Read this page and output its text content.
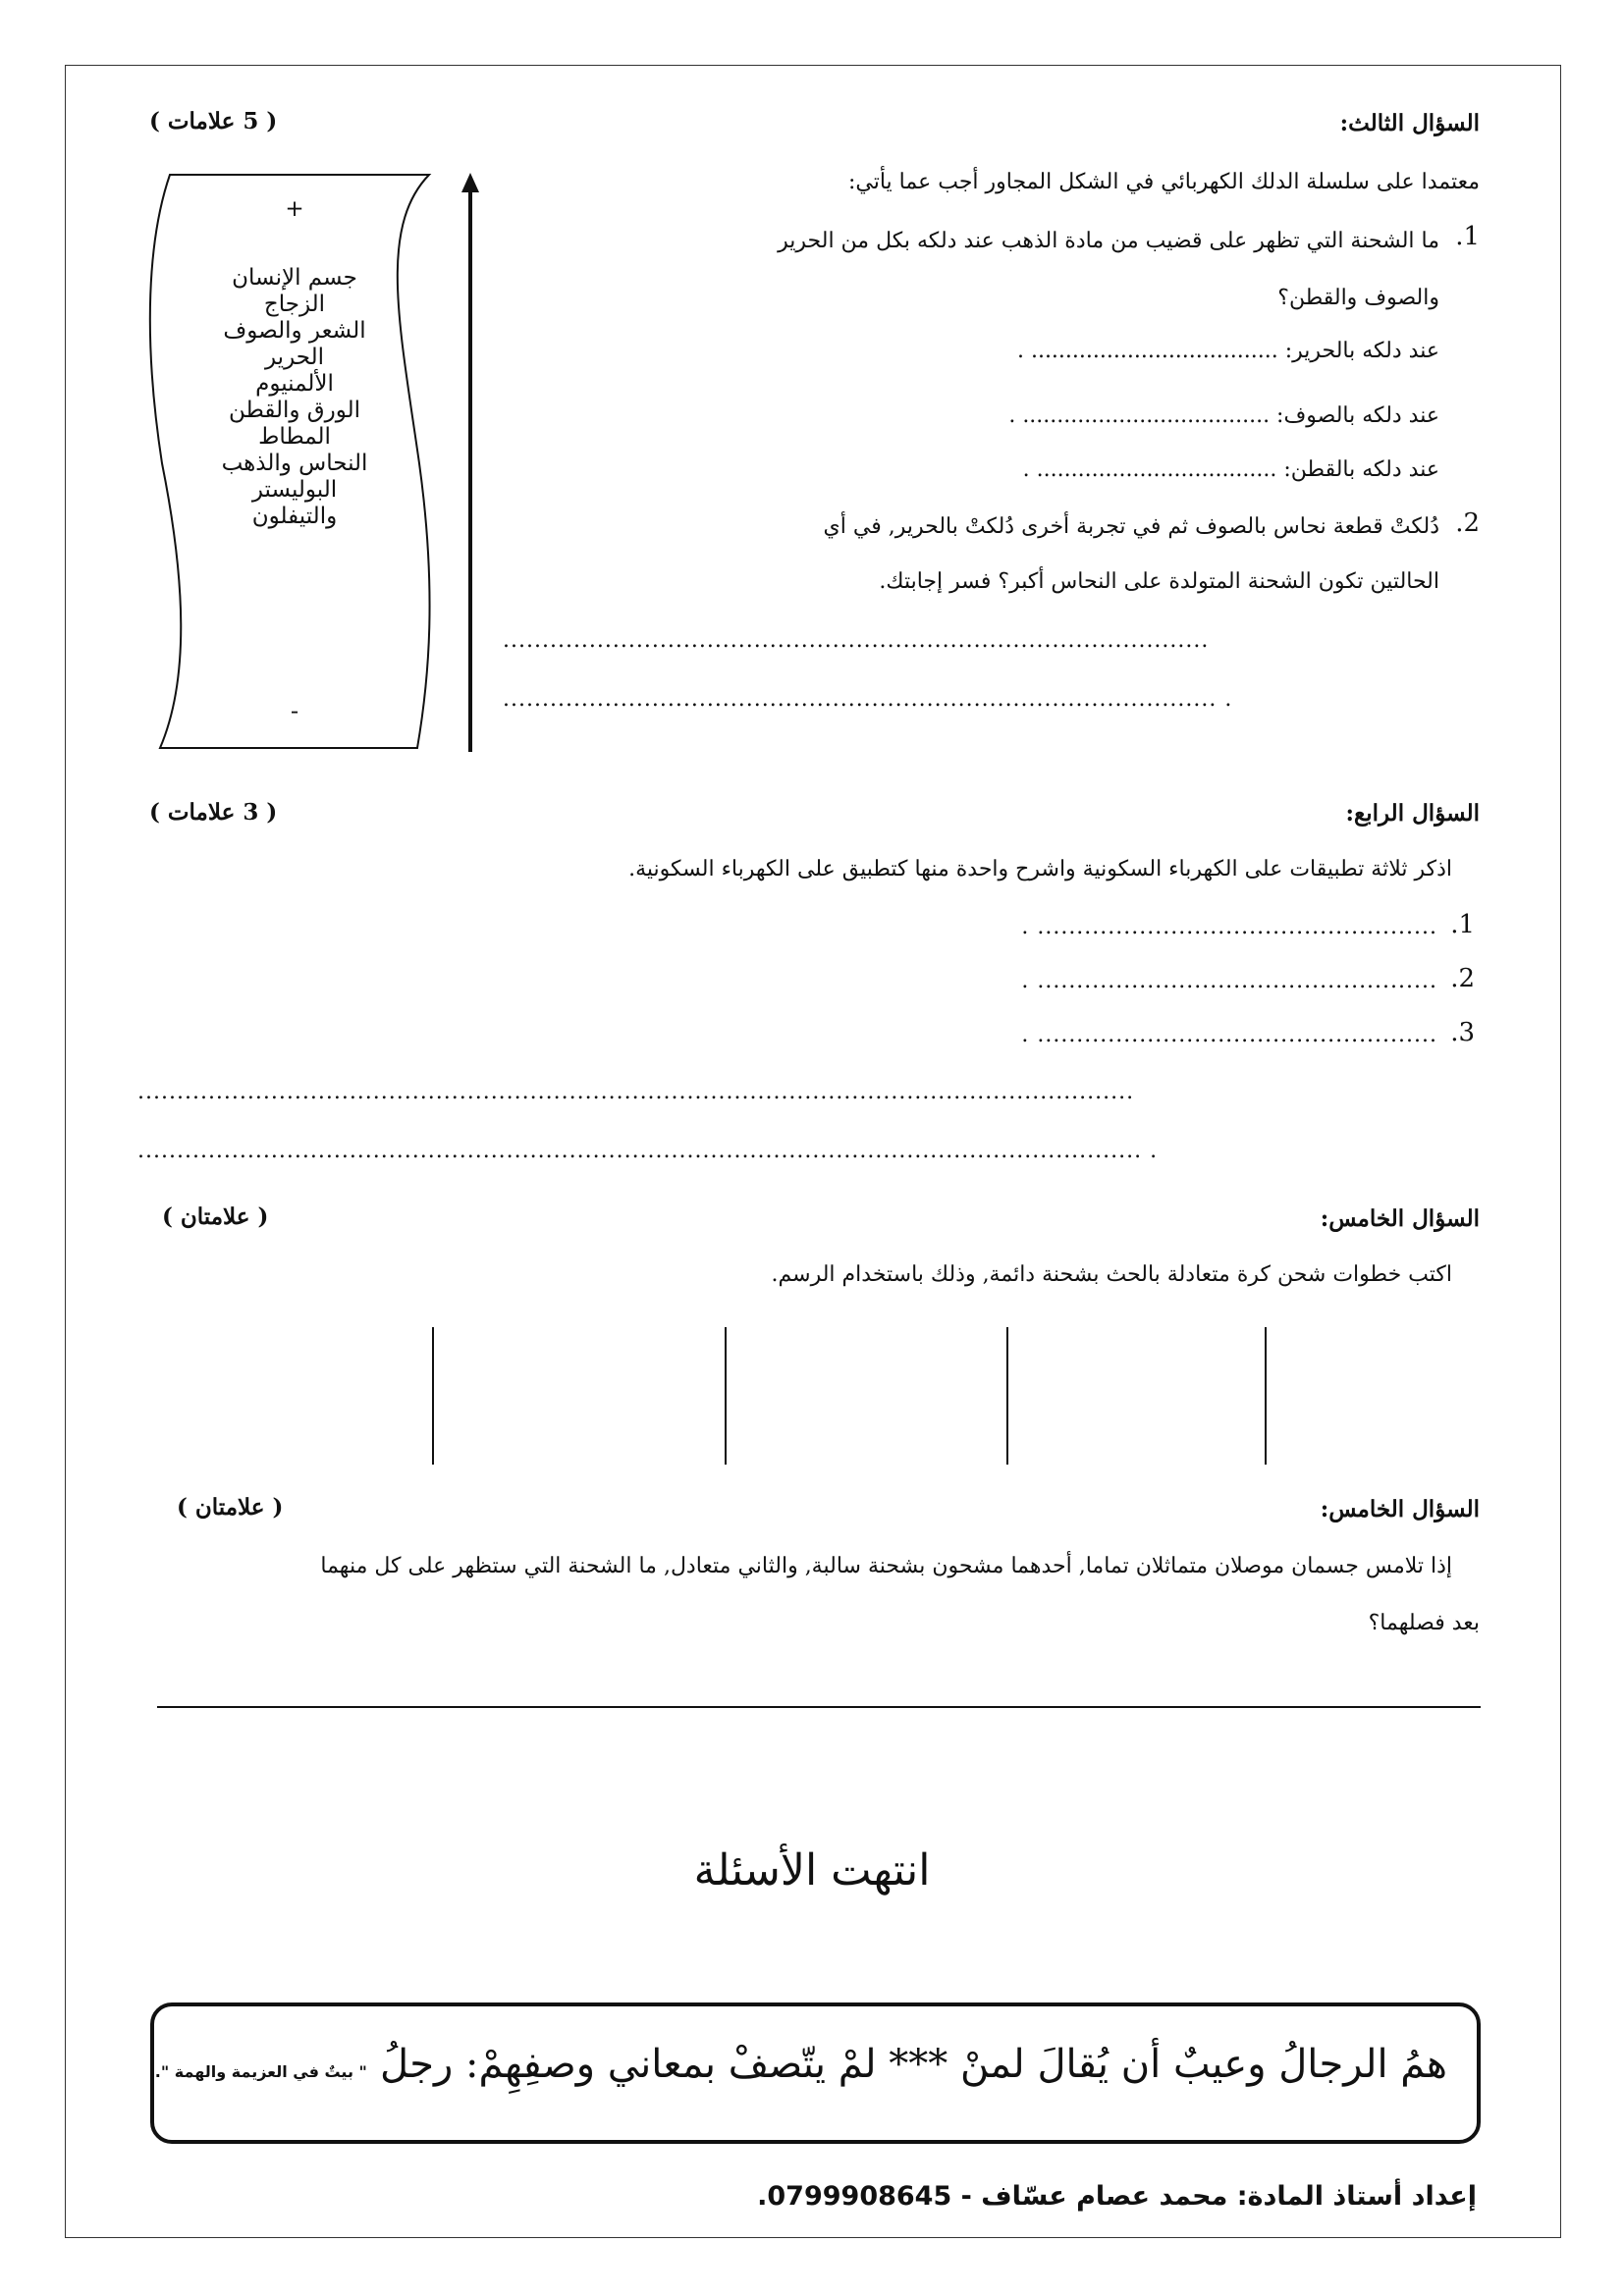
السؤال الثالث:
( 5 علامات )
معتمدا على سلسلة الدلك الكهربائي في الشكل المجاور أجب عما يأتي:
1.
ما الشحنة التي تظهر على قضيب من مادة الذهب عند دلكه بكل من الحرير
والصوف والقطن؟
عند دلكه بالحرير: .................................... .
عند دلكه بالصوف: .................................... .
عند دلكه بالقطن: ................................... .
2.
دُلكتْ قطعة نحاس بالصوف ثم في تجربة أخرى دُلكتْ بالحرير, في أي
الحالتين تكون الشحنة المتولدة على النحاس أكبر؟ فسر إجابتك.
..........................................................................................
........................................................................................... .
+
جسم الإنسان
الزجاج
الشعر والصوف
الحرير
الألمنيوم
الورق والقطن
المطاط
النحاس والذهب
البوليستر
والتيفلون
-
السؤال الرابع:
( 3 علامات )
اذكر ثلاثة تطبيقات على الكهرباء السكونية واشرح واحدة منها كتطبيق على الكهرباء السكونية.
1.
................................................... .
2.
................................................... .
3.
................................................... .
...............................................................................................................................
................................................................................................................................ .
السؤال الخامس:
( علامتان )
اكتب خطوات شحن كرة متعادلة بالحث بشحنة دائمة, وذلك باستخدام الرسم.
السؤال الخامس:
( علامتان )
إذا تلامس جسمان موصلان متماثلان تماما, أحدهما مشحون بشحنة سالبة, والثاني متعادل, ما الشحنة التي ستظهر على كل منهما
بعد فصلهما؟
انتهت الأسئلة
همُ الرجالُ وعيبٌ أن يُقالَ لمنْ *** لمْ يتّصفْ بمعاني وصفِهِمْ: رجلُ " بيتٌ في العزيمة والهمة ".
إعداد أستاذ المادة: محمد عصام عسّاف - 0799908645.
